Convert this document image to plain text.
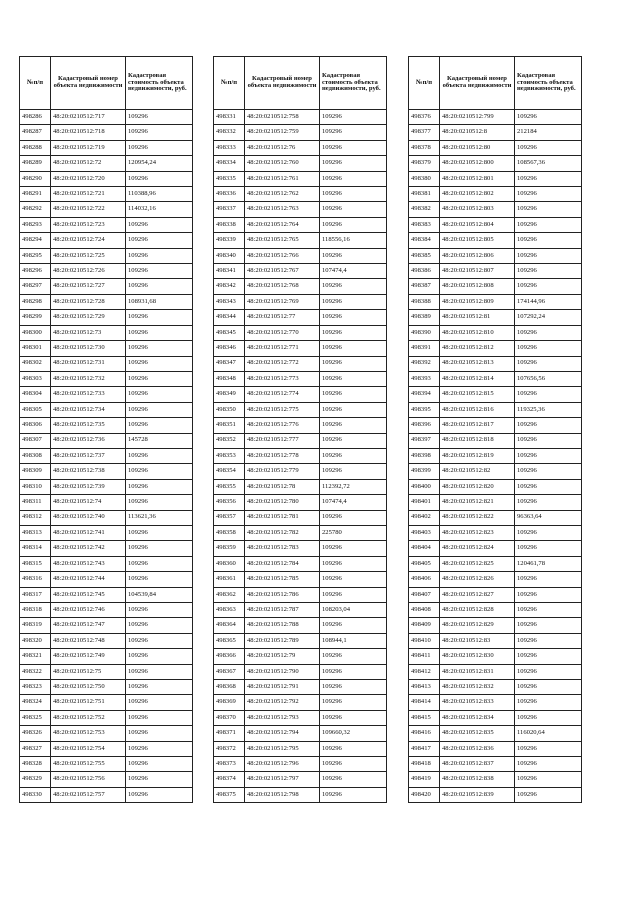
№п/п	Кадастровый номер объекта недвижимости	Кадастровая стоимость объекта недвижимости, руб.
498286	48:20:0210512:717	109296
498287	48:20:0210512:718	109296
498288	48:20:0210512:719	109296
498289	48:20:0210512:72	120954,24
498290	48:20:0210512:720	109296
498291	48:20:0210512:721	110388,96
498292	48:20:0210512:722	114032,16
498293	48:20:0210512:723	109296
498294	48:20:0210512:724	109296
498295	48:20:0210512:725	109296
498296	48:20:0210512:726	109296
498297	48:20:0210512:727	109296
498298	48:20:0210512:728	108931,68
498299	48:20:0210512:729	109296
498300	48:20:0210512:73	109296
498301	48:20:0210512:730	109296
498302	48:20:0210512:731	109296
498303	48:20:0210512:732	109296
498304	48:20:0210512:733	109296
498305	48:20:0210512:734	109296
498306	48:20:0210512:735	109296
498307	48:20:0210512:736	145728
498308	48:20:0210512:737	109296
498309	48:20:0210512:738	109296
498310	48:20:0210512:739	109296
498311	48:20:0210512:74	109296
498312	48:20:0210512:740	113621,36
498313	48:20:0210512:741	109296
498314	48:20:0210512:742	109296
498315	48:20:0210512:743	109296
498316	48:20:0210512:744	109296
498317	48:20:0210512:745	104539,84
498318	48:20:0210512:746	109296
498319	48:20:0210512:747	109296
498320	48:20:0210512:748	109296
498321	48:20:0210512:749	109296
498322	48:20:0210512:75	109296
498323	48:20:0210512:750	109296
498324	48:20:0210512:751	109296
498325	48:20:0210512:752	109296
498326	48:20:0210512:753	109296
498327	48:20:0210512:754	109296
498328	48:20:0210512:755	109296
498329	48:20:0210512:756	109296
498330	48:20:0210512:757	109296
№п/п	Кадастровый номер объекта недвижимости	Кадастровая стоимость объекта недвижимости, руб.
498331	48:20:0210512:758	109296
498332	48:20:0210512:759	109296
498333	48:20:0210512:76	109296
498334	48:20:0210512:760	109296
498335	48:20:0210512:761	109296
498336	48:20:0210512:762	109296
498337	48:20:0210512:763	109296
498338	48:20:0210512:764	109296
498339	48:20:0210512:765	118556,16
498340	48:20:0210512:766	109296
498341	48:20:0210512:767	107474,4
498342	48:20:0210512:768	109296
498343	48:20:0210512:769	109296
498344	48:20:0210512:77	109296
498345	48:20:0210512:770	109296
498346	48:20:0210512:771	109296
498347	48:20:0210512:772	109296
498348	48:20:0210512:773	109296
498349	48:20:0210512:774	109296
498350	48:20:0210512:775	109296
498351	48:20:0210512:776	109296
498352	48:20:0210512:777	109296
498353	48:20:0210512:778	109296
498354	48:20:0210512:779	109296
498355	48:20:0210512:78	112392,72
498356	48:20:0210512:780	107474,4
498357	48:20:0210512:781	109296
498358	48:20:0210512:782	225780
498359	48:20:0210512:783	109296
498360	48:20:0210512:784	109296
498361	48:20:0210512:785	109296
498362	48:20:0210512:786	109296
498363	48:20:0210512:787	108203,04
498364	48:20:0210512:788	109296
498365	48:20:0210512:789	108944,1
498366	48:20:0210512:79	109296
498367	48:20:0210512:790	109296
498368	48:20:0210512:791	109296
498369	48:20:0210512:792	109296
498370	48:20:0210512:793	109296
498371	48:20:0210512:794	109660,32
498372	48:20:0210512:795	109296
498373	48:20:0210512:796	109296
498374	48:20:0210512:797	109296
498375	48:20:0210512:798	109296
№п/п	Кадастровый номер объекта недвижимости	Кадастровая стоимость объекта недвижимости, руб.
498376	48:20:0210512:799	109296
498377	48:20:0210512:8	212184
498378	48:20:0210512:80	109296
498379	48:20:0210512:800	108567,36
498380	48:20:0210512:801	109296
498381	48:20:0210512:802	109296
498382	48:20:0210512:803	109296
498383	48:20:0210512:804	109296
498384	48:20:0210512:805	109296
498385	48:20:0210512:806	109296
498386	48:20:0210512:807	109296
498387	48:20:0210512:808	109296
498388	48:20:0210512:809	174144,96
498389	48:20:0210512:81	107292,24
498390	48:20:0210512:810	109296
498391	48:20:0210512:812	109296
498392	48:20:0210512:813	109296
498393	48:20:0210512:814	107656,56
498394	48:20:0210512:815	109296
498395	48:20:0210512:816	119325,36
498396	48:20:0210512:817	109296
498397	48:20:0210512:818	109296
498398	48:20:0210512:819	109296
498399	48:20:0210512:82	109296
498400	48:20:0210512:820	109296
498401	48:20:0210512:821	109296
498402	48:20:0210512:822	96363,64
498403	48:20:0210512:823	109296
498404	48:20:0210512:824	109296
498405	48:20:0210512:825	120461,78
498406	48:20:0210512:826	109296
498407	48:20:0210512:827	109296
498408	48:20:0210512:828	109296
498409	48:20:0210512:829	109296
498410	48:20:0210512:83	109296
498411	48:20:0210512:830	109296
498412	48:20:0210512:831	109296
498413	48:20:0210512:832	109296
498414	48:20:0210512:833	109296
498415	48:20:0210512:834	109296
498416	48:20:0210512:835	116020,64
498417	48:20:0210512:836	109296
498418	48:20:0210512:837	109296
498419	48:20:0210512:838	109296
498420	48:20:0210512:839	109296
